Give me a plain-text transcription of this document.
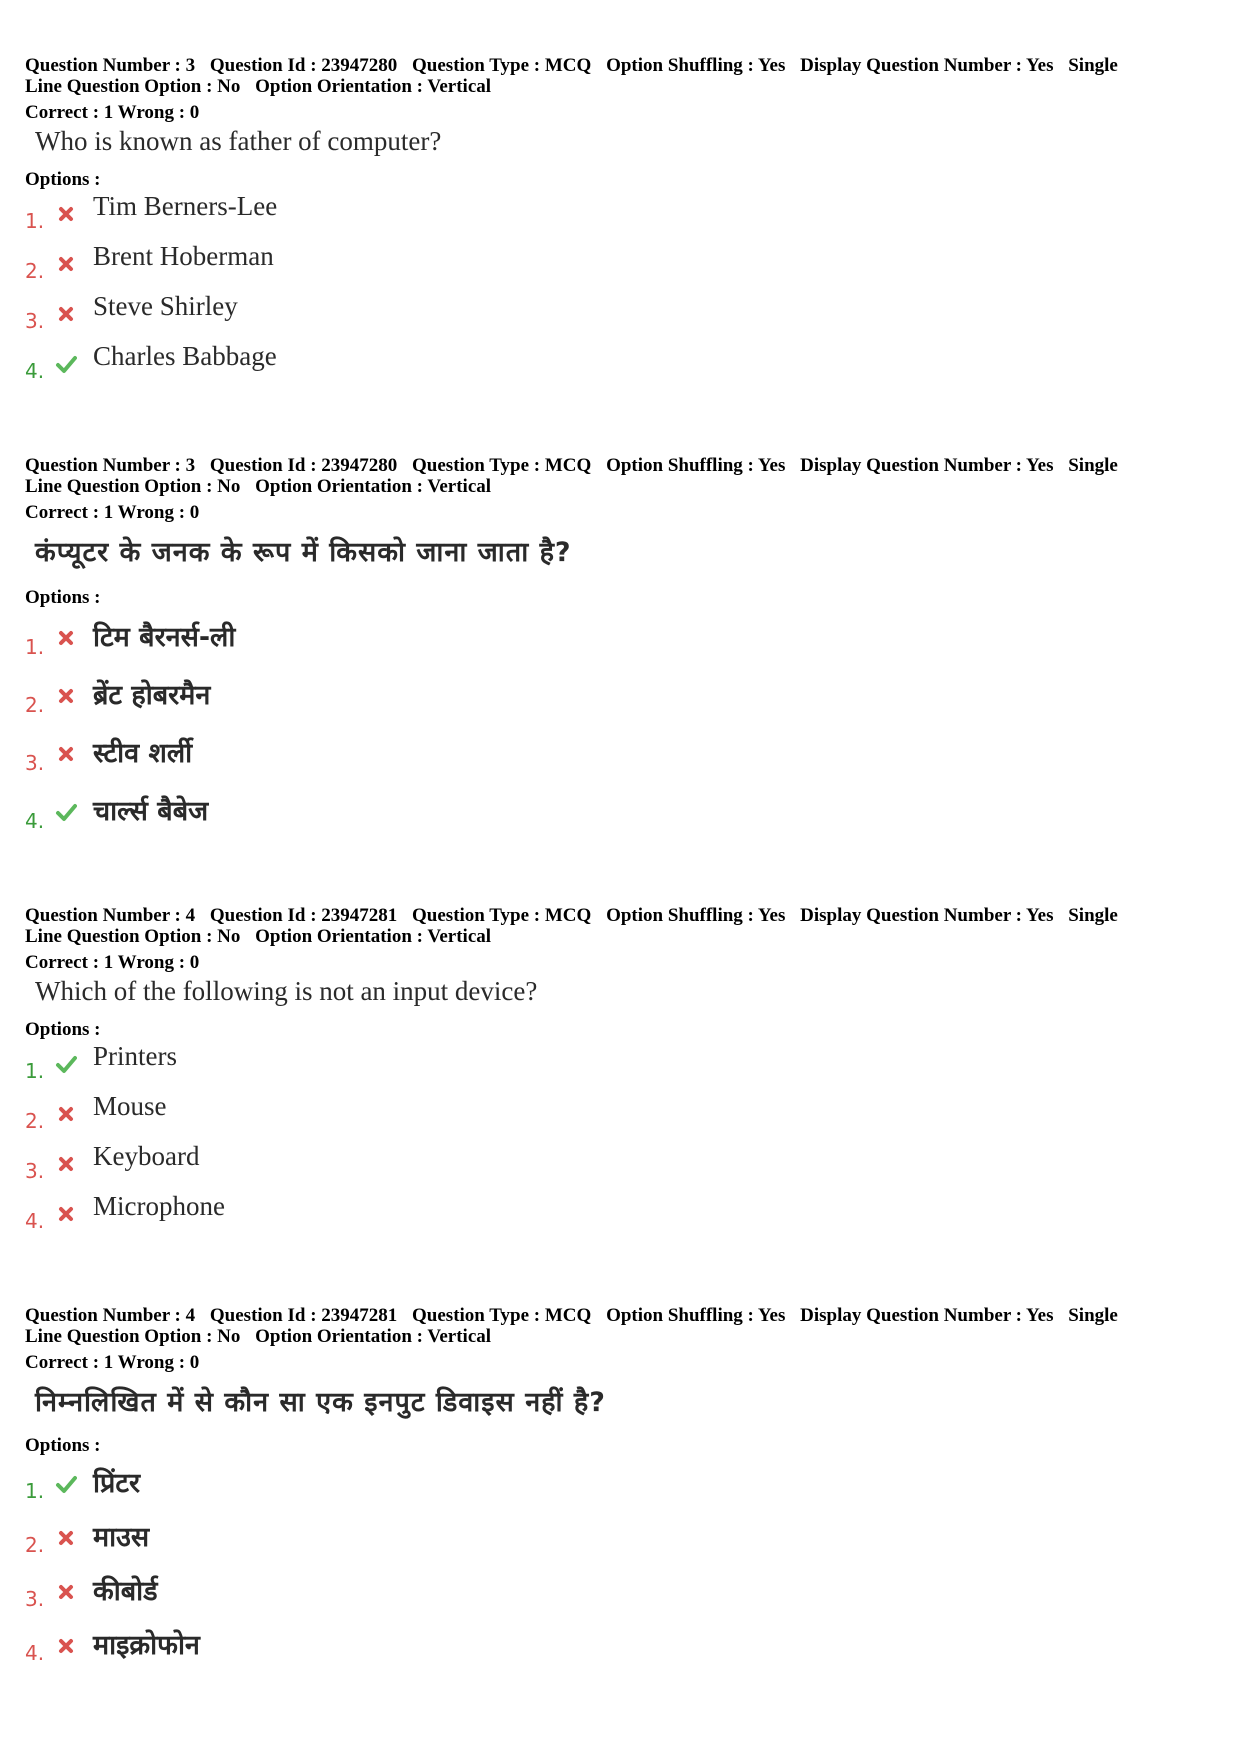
Question Number : 3 Question Id : 23947280 Question Type : MCQ Option Shuffling : Yes Display Question Number : Yes Single
Line Question Option : No Option Orientation : Vertical
Correct : 1 Wrong : 0
Who is known as father of computer?
Options :
1. Tim Berners-Lee
2. Brent Hoberman
3. Steve Shirley
4. Charles Babbage
Question Number : 3 Question Id : 23947280 Question Type : MCQ Option Shuffling : Yes Display Question Number : Yes Single
Line Question Option : No Option Orientation : Vertical
Correct : 1 Wrong : 0
कंप्यूटर के जनक के रूप में किसको जाना जाता है?
Options :
1. टिम बैरनर्स-ली
2. ब्रेंट होबरमैन
3. स्टीव शर्ली
4. चार्ल्स बैबेज
Question Number : 4 Question Id : 23947281 Question Type : MCQ Option Shuffling : Yes Display Question Number : Yes Single
Line Question Option : No Option Orientation : Vertical
Correct : 1 Wrong : 0
Which of the following is not an input device?
Options :
1. Printers
2. Mouse
3. Keyboard
4. Microphone
Question Number : 4 Question Id : 23947281 Question Type : MCQ Option Shuffling : Yes Display Question Number : Yes Single
Line Question Option : No Option Orientation : Vertical
Correct : 1 Wrong : 0
निम्नलिखित में से कौन सा एक इनपुट डिवाइस नहीं है?
Options :
1. प्रिंटर
2. माउस
3. कीबोर्ड
4. माइक्रोफोन
